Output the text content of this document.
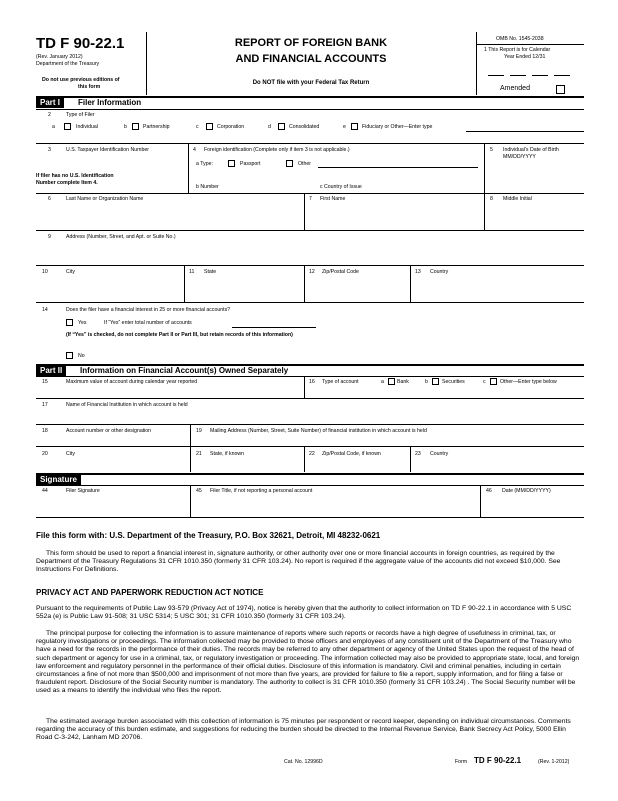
TD F 90-22.1
(Rev. January 2012)
Department of the Treasury
Do not use previous editions of
this form
REPORT OF FOREIGN BANK
AND FINANCIAL ACCOUNTS
Do NOT file with your Federal Tax Return
OMB No. 1545-2038
1 This Report is for Calendar
Year Ended 12/31
Amended
Part I	Filer Information
2	Type of Filer
a	Individual	b	Partnership	c	Corporation	d	Consolidated	e	Fiduciary or Other—Enter type
3	U.S. Taxpayer Identification Number
If filer has no U.S. Identification
Number complete Item 4.
4 Foreign identification (Complete only if item 3 is not applicable.)
a Type:	Passport	Other
b Number	c Country of Issue
5 Individual's Date of Birth
MM/DD/YYYY
6	Last Name or Organization Name	7 First Name	8 Middle Initial
9	Address (Number, Street, and Apt. or Suite No.)
10	City	11 State	12 Zip/Postal Code	13 Country
14	Does the filer have a financial interest in 25 or more financial accounts?
Yes	If “Yes” enter total number of accounts
(If “Yes” is checked, do not complete Part II or Part III, but retain records of this information)
No
Part II	Information on Financial Account(s) Owned Separately
15	Maximum value of account during calendar year reported	16 Type of account	a	Bank	b	Securities	c	Other—Enter type below
17	Name of Financial Institution in which account is held
18	Account number or other designation	19 Mailing Address (Number, Street, Suite Number) of financial institution in which account is held
20	City	21 State, if known	22 Zip/Postal Code, if known	23 Country
Signature
44	Filer Signature	45 Filer Title, if not reporting a personal account	46 Date (MM/DD/YYYY)
File this form with: U.S. Department of the Treasury, P.O. Box 32621, Detroit, MI 48232-0621
This form should be used to report a financial interest in, signature authority, or other authority over one or more financial accounts in foreign countries, as required by the Department of the Treasury Regulations 31 CFR 1010.350 (formerly 31 CFR 103.24). No report is required if the aggregate value of the accounts did not exceed $10,000. See Instructions For Definitions.
PRIVACY ACT AND PAPERWORK REDUCTION ACT NOTICE
Pursuant to the requirements of Public Law 93-579 (Privacy Act of 1974), notice is hereby given that the authority to collect information on TD F 90-22.1 in accordance with 5 USC 552a (e) is Public Law 91-508; 31 USC 5314; 5 USC 301; 31 CFR 1010.350 (formerly 31 CFR 103.24).
The principal purpose for collecting the information is to assure maintenance of reports where such reports or records have a high degree of usefulness in criminal, tax, or regulatory investigations or proceedings. The information collected may be provided to those officers and employees of any constituent unit of the Department of the Treasury who have a need for the records in the performance of their duties. The records may be referred to any other department or agency of the United States upon the request of the head of such department or agency for use in a criminal, tax, or regulatory investigation or proceeding. The information collected may also be provided to appropriate state, local, and foreign law enforcement and regulatory personnel in the performance of their official duties. Disclosure of this information is mandatory. Civil and criminal penalties, including in certain circumstances a fine of not more than $500,000 and imprisonment of not more than five years, are provided for failure to file a report, supply information, and for filing a false or fraudulent report. Disclosure of the Social Security number is mandatory. The authority to collect is 31 CFR 1010.350 (formerly 31 CFR 103.24) . The Social Security number will be used as a means to identify the individual who files the report.
The estimated average burden associated with this collection of information is 75 minutes per respondent or record keeper, depending on individual circumstances. Comments regarding the accuracy of this burden estimate, and suggestions for reducing the burden should be directed to the Internal Revenue Service, Bank Secrecy Act Policy, 5000 Ellin Road C-3-242, Lanham MD 20706.
Cat. No. 12996D	Form TD F 90-22.1	(Rev. 1-2012)
